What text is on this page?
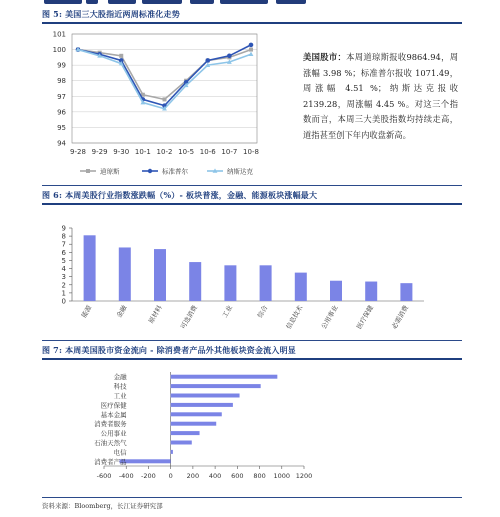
图 5: 美国三大股指近两周标准化走势
94
95
96
97
98
99
100
101
9-28 9-29 9-30 10-1 10-2 10-5 10-6 10-7 10-8
道琼斯	标准普尔	纳斯达克
美国股市：本周道琼斯报收9864.94，周涨幅 3.98 %；标准普尔报收 1071.49，周涨幅 4.51 %；纳斯达克报收 2139.28，周涨幅 4.45 %。对这三个指数而言，本周三大美股指数均持续走高，道指甚至创下年内收盘新高。
图 6: 本周美股行业指数涨跌幅（%）- 板块普涨，金融、能源板块涨幅最大
0
1
2
3
4
5
6
7
8
9
能源	金融	原材料 可选消费	工业	综合 信息技术 公用事业 医疗保健 必需消费
图 7: 本周美国股市资金流向 - 除消费者产品外其他板块资金流入明显
-600 -400 -200 0 200 400 600 800 1000 1200
金融
科技
工业
医疗保健
基本金属
消费者服务
公用事业
石油天然气
电信
消费者产品
资料来源：Bloomberg，长江证券研究部
